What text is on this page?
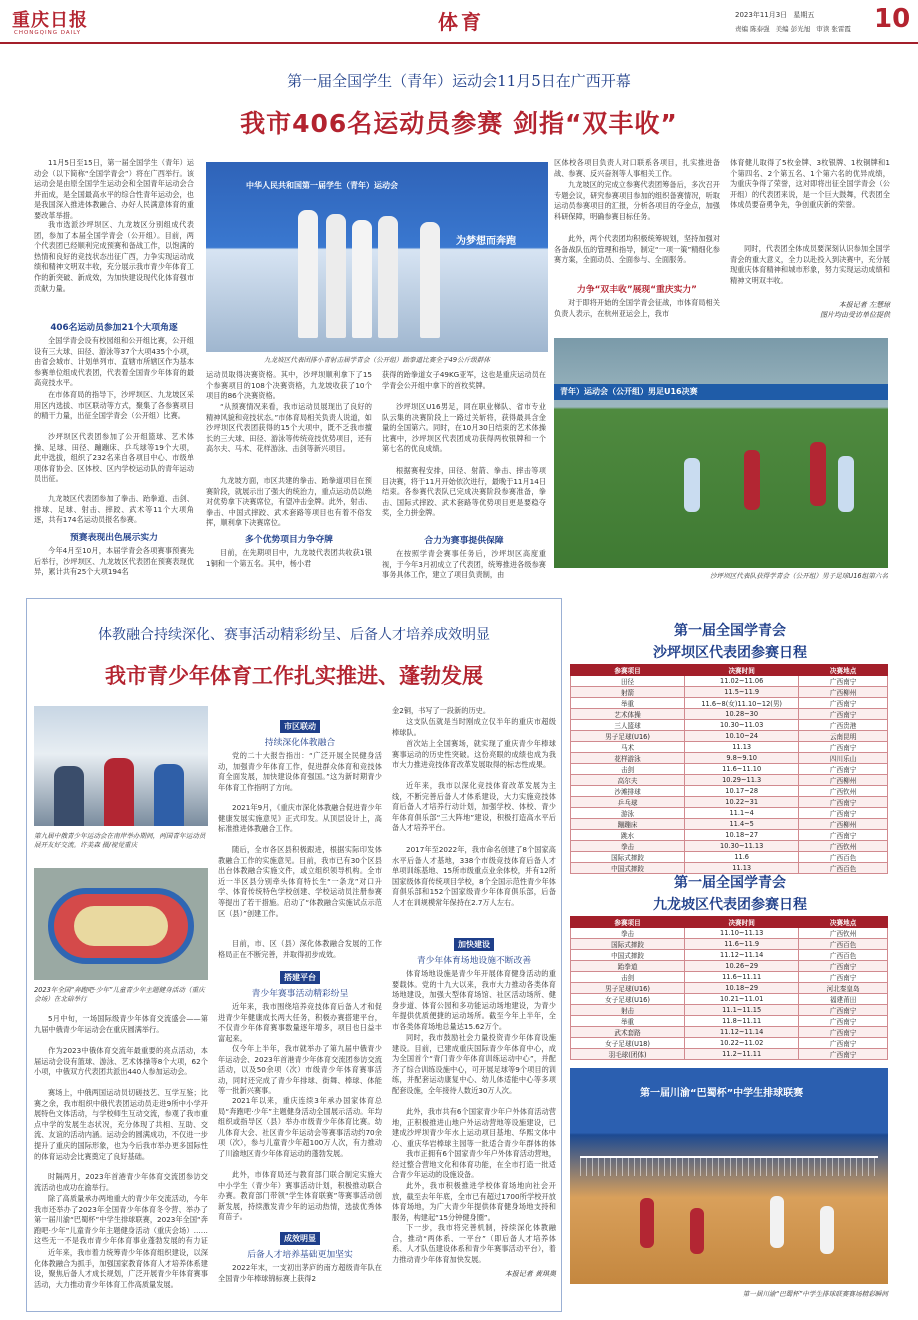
重庆日报
CHONGQING DAILY	体育	2023年11月3日 星期五
责编 陈泰强 美编 彭光旭 审读 张雷霞 10
第一届全国学生（青年）运动会11月5日在广西开幕
我市406名运动员参赛 剑指“双丰收”

11月5日至15日，第一届全国学生（青年）运动会（以下简称“全国学青会”）将在广西举行。该运动会是由原全国学生运动会和全国青年运动会合并而成，是全国最高水平的综合性青年运动会，也是我国深入推进体教融合、办好人民满意体育的重要改革举措。

我市选派沙坪坝区、九龙坡区分别组成代表团，参加了本届全国学青会（公开组）。目前，两个代表团已经顺利完成预赛和备战工作，以饱满的热情和良好的竞技状态出征广西，力争实现运动成绩和精神文明双丰收，充分展示我市青少年体育工作的新突破、新成效，为加快建设现代化体育强市贡献力量。

406名运动员参加21个大项角逐

全国学青会设有校园组和公开组比赛，公开组设有三大球、田径、游泳等37个大项435个小项，由省会城市、计划单列市、直辖市所辖区作为基本参赛单位组成代表团，代表着全国青少年体育的最高竞技水平。

在市体育局的指导下，沙坪坝区、九龙坡区采用区内选拔、市区联动等方式，聚集了各参赛项目的精干力量，出征全国学青会（公开组）比赛。

沙坪坝区代表团参加了公开组篮球、艺术体操、足球、田径、蹦蹦床、乒乓球等19个大项，此中选拔，组织了232名来自各项目中心、市级单项体育协会、区体校、区内学校运动队的青年运动员出征。

九龙坡区代表团参加了拳击、跆拳道、击剑、排球、足球、射击、摔跤、武术等11个大项角逐，共有174名运动员报名参赛。

预赛表现出色展示实力

今年4月至10月，本届学青会各项赛事预赛先后举行，沙坪坝区、九龙坡区代表团在预赛表现优异，累计共有25个大项194名

中华人民共和国第一届学生（青年）运动会
为梦想而奔跑
九龙坡区代表团排小青射击届学青会（公开组）跆拳道比赛全于49公斤级群体

运动员取得决赛资格。其中，沙坪坝顺利拿下了15个参赛项目的108个决赛资格，九龙坡收获了10个项目的86个决赛资格。

“从预赛情况来看，我市运动员展现出了良好的精神风貌和竞技状态。”市体育局相关负责人说道，如沙坪坝区代表团获得的15个大项中，既不乏我市擅长的三大球、田径、游泳等传统竞技优势项目，还有高尔夫、马术、花样游泳、击剑等新兴项目。

九龙坡方面，市区共建的拳击、跆拳道项目在预赛阶段，就展示出了强大的统治力，重点运动员以绝对优势拿下决赛席位，有望冲击金牌。此外，射击、拳击、中国式摔跤、武术套路等项目也有着不俗发挥，顺利拿下决赛席位。

多个优势项目力争夺牌

目前，在先期项目中，九龙坡代表团共收获1银1铜和一个第五名。其中，杨小君

获得的跆拳道女子49KG亚军，这也是重庆运动员在学青会公开组中拿下的首枚奖牌。

沙坪坝区U16男足，同在职业梯队、省市专业队云集的决赛阶段上一路过关斩将，获得最具含金量的全国第六。同时，在10月30日结束的艺术体操比赛中，沙坪坝区代表团成功获得两枚银牌和一个第七名的优良成绩。

根据赛程安排，田径、射箭、拳击、摔击等项目决赛，将于11月开始依次进行，最晚于11月14日结束。各参赛代表队已完成决赛阶段参赛准备，拳击、国际式摔跤、武术套路等优势项目更是要稳夺奖，全力拼金牌。

合力为赛事提供保障

在按照学青会赛事任务后，沙坪坝区高度重视，于今年3月初成立了代表团，统筹推进各级参赛事务具体工作，建立了项目负责制，由

区体校各项目负责人对口联系各项目，扎实推进备战、参赛、反兴奋剂等人事相关工作。

九龙坡区的完成立参赛代表团筹备后，多次召开专题会议，研究参赛项目参加的组织备赛情况，听取运动员参赛项目的汇报，分析各项目的夺金点，加强科研保障，明确参赛目标任务。

此外，两个代表团均积极统筹规划，坚持加强对各备战队伍的管理和指导，制定“一项一策”精细化参赛方案，全面动员、全面参与、全面服务。

力争“双丰收”展现“重庆实力”

对于即将开始的全国学青会征战，市体育局相关负责人表示，在杭州亚运会上，我市

体育健儿取得了5枚金牌、3枚银牌、1枚铜牌和1个第四名、2个第五名、1个第六名的优异成绩，为重庆争得了荣誉，这对即将出征全国学青会（公开组）的代表团来说，是一个巨大鼓舞，代表团全体成员要奋勇争先，争创重庆新的荣誉。

同时，代表团全体成员要深刻认识参加全国学青会的重大意义，全力以赴投入到决赛中，充分展现重庆体育精神和城市形象，努力实现运动成绩和精神文明双丰收。

本报记者 左慧琼
图片均由受访单位提供
青年）运动会（公开组）男足U16决赛
沙坪坝区代表队获得学青会（公开组）男子足球U16组第六名
体教融合持续深化、赛事活动精彩纷呈、后备人才培养成效明显
我市青少年体育工作扎实推进、蓬勃发展
第九届中俄青少年运动会在南岸举办期间，两国青年运动员展开友好交流。许美森 摄/视觉重庆
2023年全国“奔跑吧·少年”儿童青少年主题健身活动（重庆会场）在北碚举行

5月中旬，一场国际级青少年体育交流盛会——第九届中俄青少年运动会在重庆圆满举行。

作为2023中俄体育交流年最重要的亮点活动，本届运动会设有篮球、游泳、艺术体操等8个大项，62个小项，中俄双方代表团共派出440人参加运动会。

赛场上，中俄两国运动员切磋技艺、互学互鉴；比赛之余，我市组织中俄代表团运动员走进9所中小学开展特色文体活动，与学校师生互动交流，参观了我市重点中学的发展生态状况，充分体现了共相、互助、交流、友谊的活动内涵。运动会的圆满成功，不仅进一步提升了重庆的国际形象，也为今后我市举办更多国际性的体育运动会比赛奠定了良好基础。

时隔两月，2023年首港青少年体育交流团参访交流活动也成功在渝举行。

除了高质量承办两地重大的青少年交流活动，今年我市还举办了2023年全国青少年体育冬令营、举办了第一届川渝“巴蜀杯”中学生排球联赛，2023年全国“奔跑吧·少年”儿童青少年主题健身活动（重庆会场）……这些无一不是我市青少年体育事业蓬勃发展的有力证

近年来，我市着力统筹青少年体育组织建设，以深化体教融合为抓手，加强国家教育体育人才培养体系建设，聚焦后备人才成长规划，广泛开展青少年体育赛事活动，大力推动青少年体育工作高质量发展。

市区联动
持续深化体教融合

党的二十大报告指出：“广泛开展全民健身活动，加强青少年体育工作，促进群众体育和竞技体育全面发展，加快建设体育强国。”这为新时期青少年体育工作指明了方向。

2021年9月，《重庆市深化体教融合促进青少年健康发展实施意见》正式印发。从顶层设计上，高标准推进体教融合工作。

随后，全市各区县积极跟进，根据实际印发体教融合工作的实施意见。目前，我市已有30个区县出台体教融合实施文件，或立组织领导机构。全市近一半区县分别牵头体育特长生“一条龙”对口升学、体育传统特色学校创建、学校运动员注册参赛等提出了若干措施。启动了“体教融合实施试点示范区（县）”创建工作。

目前，市、区（县）深化体教融合发展的工作格局正在不断完善，并取得初步成效。

搭建平台
青少年赛事活动精彩纷呈

近年来，我市围绕培养竞技体育后备人才和促进青少年健康成长两大任务，积极办赛搭建平台，不仅青少年体育赛事数量逐年增多，项目也日益丰富起来。

仅今年上半年，我市就举办了第九届中俄青少年运动会、2023年首港青少年体育交流团参访交流活动，以及50余项（次）市级青少年体育赛事活动，同时还完成了青少年排球、街舞、棒球、体能等一批新兴赛事。

2021年以来，重庆连续3年承办国家体育总局“奔跑吧·少年”主题健身活动全国展示活动。年均组织或指导区（县）举办市级青少年体育比赛。幼儿体育大会、社区青少年运动会等赛事活动约70余项（次），参与儿童青少年超100万人次，有力推动了川渝地区青少年体育运动的蓬勃发展。

此外，市体育局还与教育部门联合制定实施大中小学生（青少年）赛事活动计划，积极推动联合办赛。教育部门带领“学生体育联赛”等赛事活动创新发展，持续激发青少年的运动热情，选拔优秀体育苗子。

成效明显
后备人才培养基础更加坚实

2022年末，一支初出茅庐的南方超级青年队在全国青少年棒球锦标赛上获得2

金2铜，书写了一段新的历史。

这支队伍就是当时刚成立仅半年的重庆市超级棒球队。

首次站上全国赛场，就实现了重庆青少年棒球赛事运动的历史性突破。这份亮眼的成绩也成为我市大力推进竞技体育改革发展取得的标志性成果。

近年来，我市以深化竞技体育改革发展为主线，不断完善后备人才体系建设，大力实施竞技体育后备人才培养行动计划，加强学校、体校、青少年体育俱乐部“三大阵地”建设，积极打造高水平后备人才培养平台。

2017年至2022年，我市命名创建了8个国家高水平后备人才基地，338个市级竞技体育后备人才单项训练基地、15所市级重点业余体校，并有12所国家级体育传统项目学校，8个全国示范性青少年体育俱乐部和152个国家级青少年体育俱乐部，后备人才在训规模常年保持在2.7万人左右。

加快建设
青少年体育场地设施不断改善

体育场地设施是青少年开展体育健身活动的重要载体。党的十九大以来，我市大力推动各类体育场地建设，加强大型体育场馆、社区活动场所、健身步道、体育公园和多功能运动场地建设，为青少年提供优质便捷的运动场所。截至今年上半年，全市各类体育场地总量达15.62万个。

同时，我市鼓励社会力量投资青少年体育设施建设。目前，已建成重庆国际青少年体育中心，成为全国首个“青门青少年体育训练运动中心”，并配齐了综合训练设施中心，可开展足球等9个项目的训练，并配套运动康复中心、幼儿体适能中心等多项配套设施，全年接待人数近30万人次。

此外，我市共有6个国家青少年户外体育活动营地，正积极推进山地户外运动营地等设施建设，已建成沙坪坝青少年水上运动项目基地、华熙文体中心、重庆华岩棒球主园等一批适合青少年群体的体

我市正拥有6个国家青少年户外体育活动营地，经过整合营地文化和体育功能，在全市打造一批适合青少年运动的设施设备。

此外，我市积极推进学校体育场地向社会开放，截至去年年底，全市已有超过1700所学校开放体育场地，为广大青少年提供体育健身场地支持和服务，构建起“15分钟健身圈”。

下一步，我市将完善机制，持续深化体教融合，推动“两体系、一平台”（即后备人才培养体系、人才队伍建设体系和青少年赛事活动平台），着力推动青少年体育加快发展。

本报记者 黄琪奥
第一届全国学青会
沙坪坝区代表团参赛日程
参赛项目	决赛时间	决赛地点
田径	11.02~11.06	广西南宁
射箭	11.5~11.9	广西柳州
举重	11.6~8(女)11.10~12(男)	广西南宁
艺术体操	10.28~30	广西南宁
三人篮球	10.30~11.03	广西贵港
男子足球(U16)	10.10~24	云南昆明
马术	11.13	广西南宁
花样游泳	9.8~9.10	四川乐山
击剑	11.6~11.10	广西南宁
高尔夫	10.29~11.3	广西柳州
沙滩排球	10.17~28	广西钦州
乒乓球	10.22~31	广西南宁
游泳	11.1~4	广西南宁
蹦蹦床	11.4~5	广西柳州
跳水	10.18~27	广西南宁
拳击	10.30~11.13	广西钦州
国际式摔跤	11.6	广西百色
中国式摔跤	11.13	广西百色
第一届全国学青会
九龙坡区代表团参赛日程
参赛项目	决赛时间	决赛地点
拳击	11.10~11.13	广西钦州
国际式摔跤	11.6~11.9	广西百色
中国式摔跤	11.12~11.14	广西百色
跆拳道	10.26~29	广西南宁
击剑	11.6~11.11	广西南宁
男子足球(U16)	10.18~29	河北秦皇岛
女子足球(U16)	10.21~11.01	福建莆田
射击	11.1~11.15	广西南宁
举重	11.8~11.11	广西南宁
武术套路	11.12~11.14	广西南宁
女子足球(U18)	10.22~11.02	广西南宁
羽毛球(团体)	11.2~11.11	广西南宁
第一届川渝“巴蜀杯”中学生排球联赛
第一届川渝“巴蜀杯”中学生排球联赛赛场精彩瞬间
